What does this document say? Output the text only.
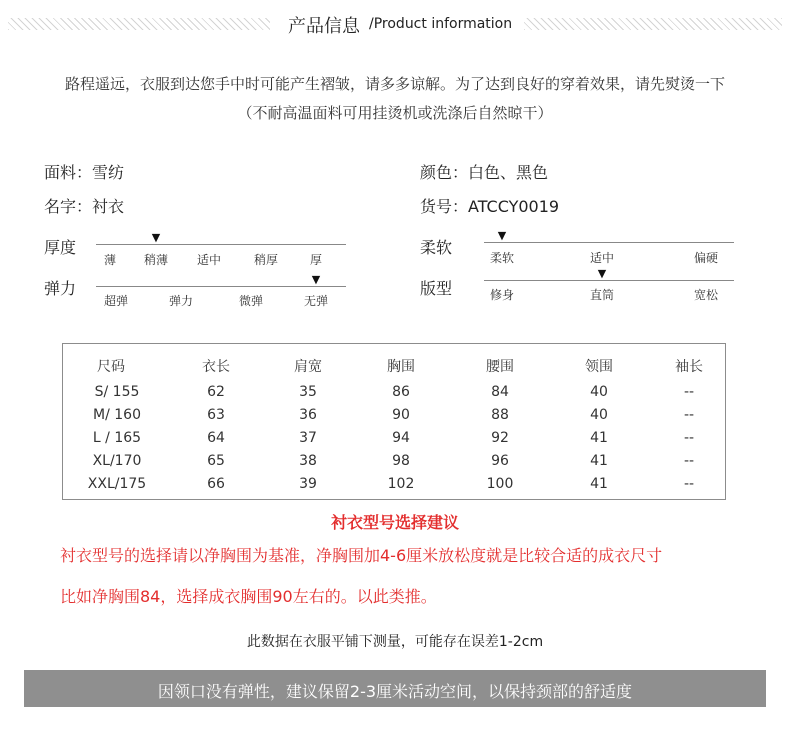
产品信息 /Product information
路程遥远，衣服到达您手中时可能产生褶皱，请多多谅解。为了达到良好的穿着效果，请先熨烫一下
（不耐高温面料可用挂烫机或洗涤后自然晾干）
面料：雪纺
名字：衬衣
颜色：白色、黑色
货号：ATCCY0019
厚度
▼
薄 稍薄 适中	稍厚	厚
弹力	▼
超弹	弹力	微弹	无弹
柔软
▼
柔软	适中	偏硬
版型
▼
修身	直筒	宽松
尺码	衣长	肩宽	胸围	腰围	领围	袖长
S/ 155	62	35	86	84	40	--
M/ 160	63	36	90	88	40	--
L / 165	64	37	94	92	41	--
XL/170	65	38	98	96	41	--
XXL/175	66	39	102	100	41	--
衬衣型号选择建议
衬衣型号的选择请以净胸围为基准，净胸围加4-6厘米放松度就是比较合适的成衣尺寸
比如净胸围84，选择成衣胸围90左右的。以此类推。
此数据在衣服平铺下测量，可能存在误差1-2cm
因领口没有弹性，建议保留2-3厘米活动空间，以保持颈部的舒适度
